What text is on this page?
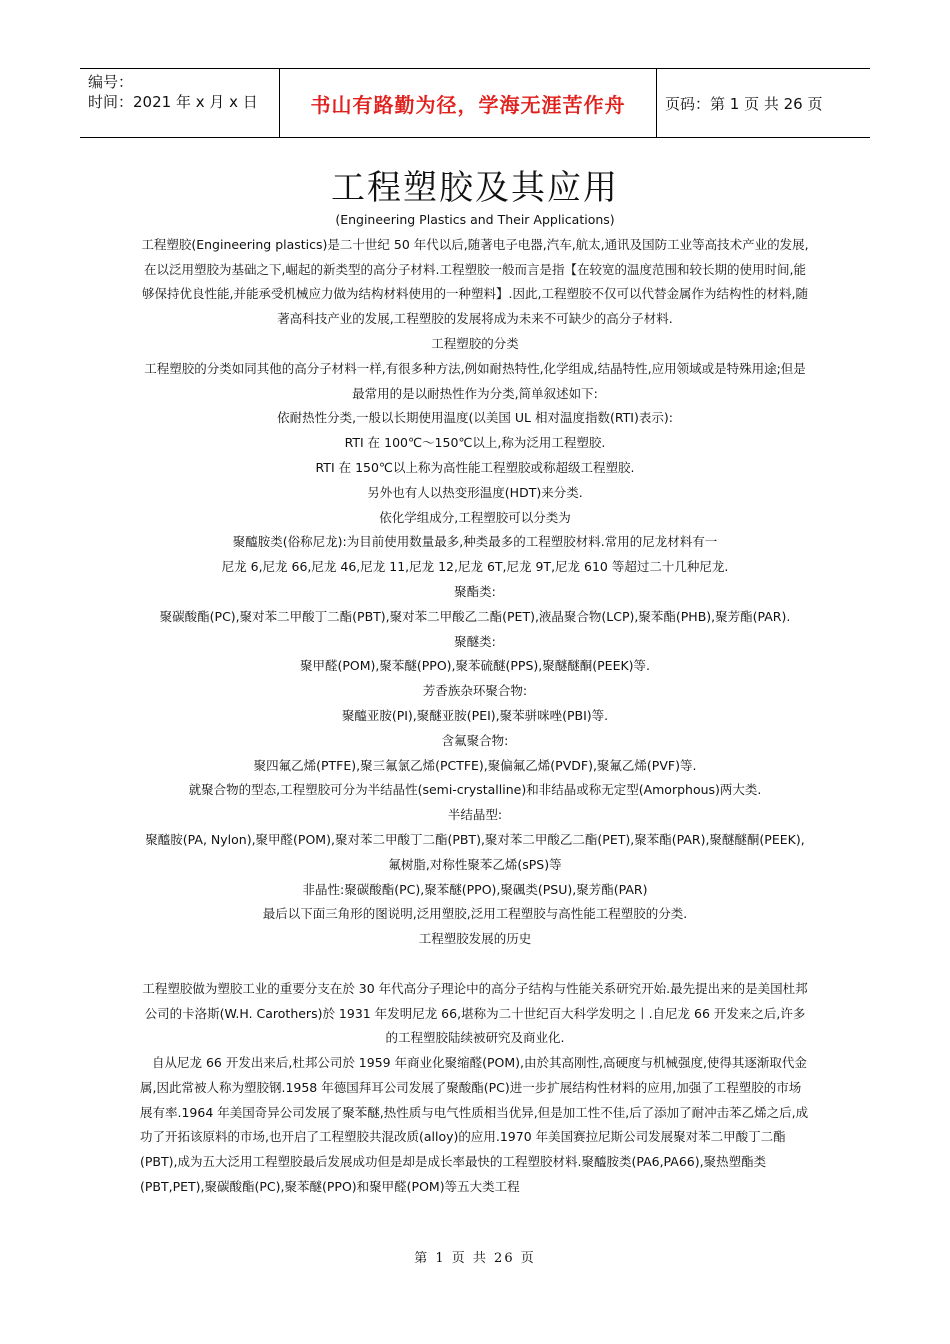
编号：
时间：2021 年 x 月 x 日	书山有路勤为径，学海无涯苦作舟	页码：第 1 页 共 26 页
工程塑胶及其应用

(Engineering Plastics and Their Applications)

工程塑胶(Engineering plastics)是二十世纪 50 年代以后,随著电子电器,汽车,航太,通讯及国防工业等高技术产业的发展,在以泛用塑胶为基础之下,崛起的新类型的高分子材料.工程塑胶一般而言是指【在较宽的温度范围和较长期的使用时间,能够保持优良性能,并能承受机械应力做为结构材料使用的一种塑料】.因此,工程塑胶不仅可以代替金属作为结构性的材料,随著高科技产业的发展,工程塑胶的发展将成为未来不可缺少的高分子材料.

工程塑胶的分类

工程塑胶的分类如同其他的高分子材料一样,有很多种方法,例如耐热特性,化学组成,结晶特性,应用领域或是特殊用途;但是最常用的是以耐热性作为分类,简单叙述如下:

依耐热性分类,一般以长期使用温度(以美国 UL 相对温度指数(RTI)表示):

RTI 在 100℃～150℃以上,称为泛用工程塑胶.

RTI 在 150℃以上称为高性能工程塑胶或称超级工程塑胶.

另外也有人以热变形温度(HDT)来分类.

依化学组成分,工程塑胶可以分类为

聚醯胺类(俗称尼龙):为目前使用数量最多,种类最多的工程塑胶材料.常用的尼龙材料有一

尼龙 6,尼龙 66,尼龙 46,尼龙 11,尼龙 12,尼龙 6T,尼龙 9T,尼龙 610 等超过二十几种尼龙.

聚酯类:

聚碳酸酯(PC),聚对苯二甲酸丁二酯(PBT),聚对苯二甲酸乙二酯(PET),液晶聚合物(LCP),聚苯酯(PHB),聚芳酯(PAR).

聚醚类:

聚甲醛(POM),聚苯醚(PPO),聚苯硫醚(PPS),聚醚醚酮(PEEK)等.

芳香族杂环聚合物:

聚醯亚胺(PI),聚醚亚胺(PEI),聚苯骈咪唑(PBI)等.

含氟聚合物:

聚四氟乙烯(PTFE),聚三氟氯乙烯(PCTFE),聚偏氟乙烯(PVDF),聚氟乙烯(PVF)等.

就聚合物的型态,工程塑胶可分为半结晶性(semi-crystalline)和非结晶或称无定型(Amorphous)两大类.

半结晶型:

聚醯胺(PA, Nylon),聚甲醛(POM),聚对苯二甲酸丁二酯(PBT),聚对苯二甲酸乙二酯(PET),聚苯酯(PAR),聚醚醚酮(PEEK),氟树脂,对称性聚苯乙烯(sPS)等

非晶性:聚碳酸酯(PC),聚苯醚(PPO),聚碸类(PSU),聚芳酯(PAR)

最后以下面三角形的图说明,泛用塑胶,泛用工程塑胶与高性能工程塑胶的分类.

工程塑胶发展的历史

工程塑胶做为塑胶工业的重要分支在於 30 年代高分子理论中的高分子结构与性能关系研究开始.最先提出来的是美国杜邦公司的卡洛斯(W.H. Carothers)於 1931 年发明尼龙 66,堪称为二十世纪百大科学发明之丨.自尼龙 66 开发来之后,许多的工程塑胶陆续被研究及商业化.

自从尼龙 66 开发出来后,杜邦公司於 1959 年商业化聚缩醛(POM),由於其高刚性,高硬度与机械强度,使得其逐渐取代金属,因此常被人称为塑胶钢.1958 年德国拜耳公司发展了聚酸酯(PC)进一步扩展结构性材料的应用,加强了工程塑胶的市场展有率.1964 年美国奇异公司发展了聚苯醚,热性质与电气性质相当优异,但是加工性不佳,后了添加了耐冲击苯乙烯之后,成功了开拓该原料的市场,也开启了工程塑胶共混改质(alloy)的应用.1970 年美国赛拉尼斯公司发展聚对苯二甲酸丁二酯(PBT),成为五大泛用工程塑胶最后发展成功但是却是成长率最快的工程塑胶材料.聚醯胺类(PA6,PA66),聚热塑酯类(PBT,PET),聚碳酸酯(PC),聚苯醚(PPO)和聚甲醛(POM)等五大类工程

第 1 页 共 26 页
